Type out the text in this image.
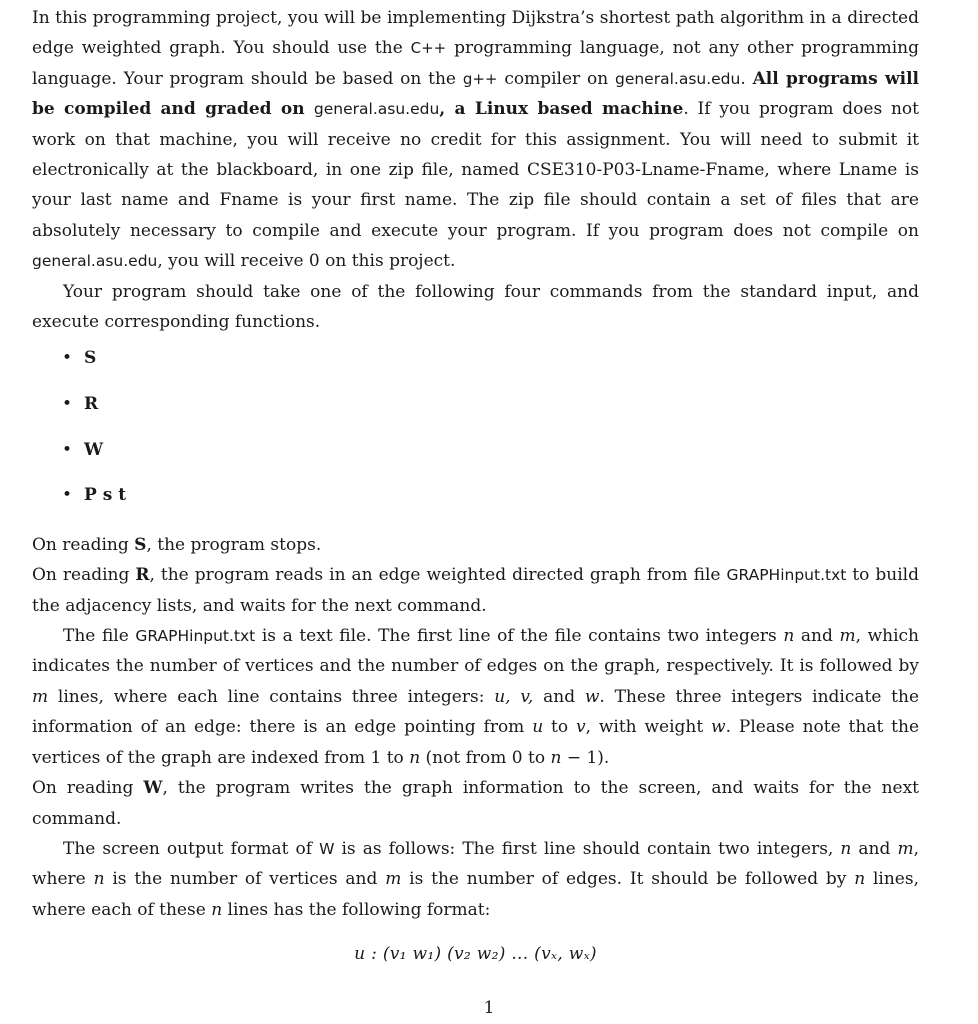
In this programming project, you will be implementing Dijkstra’s shortest path algorithm in a directed edge weighted graph. You should use the C++ programming language, not any other programming language. Your program should be based on the g++ compiler on general.asu.edu. All programs will be compiled and graded on general.asu.edu, a Linux based machine. If you program does not work on that machine, you will receive no credit for this assignment. You will need to submit it electronically at the blackboard, in one zip file, named CSE310-P03-Lname-Fname, where Lname is your last name and Fname is your first name. The zip file should contain a set of files that are absolutely necessary to compile and execute your program. If you program does not compile on general.asu.edu, you will receive 0 on this project.

Your program should take one of the following four commands from the standard input, and execute corresponding functions.

• S
• R
• W
• P s t

On reading S, the program stops.

On reading R, the program reads in an edge weighted directed graph from file GRAPHinput.txt to build the adjacency lists, and waits for the next command.

The file GRAPHinput.txt is a text file. The first line of the file contains two integers n and m, which indicates the number of vertices and the number of edges on the graph, respectively. It is followed by m lines, where each line contains three integers: u, v, and w. These three integers indicate the information of an edge: there is an edge pointing from u to v, with weight w. Please note that the vertices of the graph are indexed from 1 to n (not from 0 to n − 1).

On reading W, the program writes the graph information to the screen, and waits for the next command.

The screen output format of W is as follows: The first line should contain two integers, n and m, where n is the number of vertices and m is the number of edges. It should be followed by n lines, where each of these n lines has the following format:

u : (v₁ w₁) (v₂ w₂) ... (vₓ, wₓ)
1
